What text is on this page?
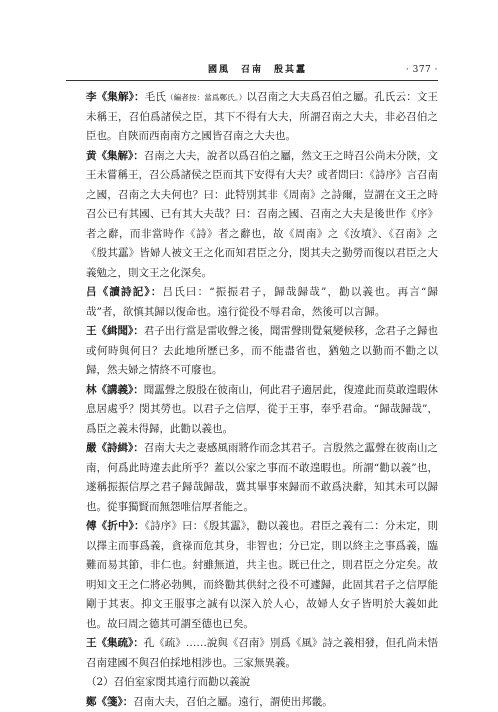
國風　召南　殷其靁	· 377 ·

李《集解》：毛氏（編者按：當爲鄭氏。）以召南之大夫爲召伯之屬。孔氏云：文王未稱王，召伯爲諸侯之臣，其下不得有大夫，所謂召南之大夫，非必召伯之臣也。自陝而西南南方之國皆召南之大夫也。

黄《集解》：召南之大夫，說者以爲召伯之屬，然文王之時召公尚未分陝，文王未嘗稱王，召公爲諸侯之臣而其下安得有大夫？或者問曰：《詩序》言召南之國，召南之大夫何也？曰：此特別其非《周南》之詩爾，豈謂在文王之時召公已有其國、已有其大夫哉？曰：召南之國、召南之大夫是後世作《序》者之辭，而非當時作《詩》者之辭也，故《周南》之《汝墳》、《召南》之《殷其靁》皆婦人被文王之化而知君臣之分，閔其夫之勤勞而復以君臣之大義勉之，則文王之化深矣。

吕《讀詩記》：吕氏曰：“振振君子，歸哉歸哉”，勸以義也。再言“歸哉”者，欲慎其歸以復命也。遠行從役不辱君命，然後可以言歸。

王《緝聞》：君子出行當是雷收聲之後，聞雷聲則覺氣變候移，念君子之歸也或何時與何日？去此地所歷已多，而不能盡省也，猶勉之以勤而不勸之以歸，然夫婦之情終不可廢也。

林《講義》：聞靁聲之殷殷在彼南山，何此君子適居此，復違此而莫敢遑暇休息居處乎？閔其勞也。以君子之信厚，從于王事，奉乎君命。“歸哉歸哉”，爲臣之義未得歸，此勸以義也。

嚴《詩緝》：召南大夫之妻感風雨將作而念其君子。言殷然之靁聲在彼南山之南，何爲此時違去此所乎？蓋以公家之事而不敢遑暇也。所謂“勸以義”也，遂稱振振信厚之君子歸哉歸哉，冀其畢事來歸而不敢爲決辭，知其未可以歸也。從事獨賢而無怨唯信厚者能之。

傅《折中》：《詩序》曰：《殷其靁》，勸以義也。君臣之義有二：分未定，則以擇主而事爲義，貪祿而危其身，非智也；分已定，則以終主之事爲義，臨難而易其節，非仁也。紂雖無道，共主也。既已仕之，則君臣之分定矣。故明知文王之仁將必勃興，而終勸其供紂之役不可遽歸，此固其君子之信厚能剛于其衷。抑文王服事之誠有以深入於人心，故婦人女子皆明於大義如此也。故曰周之德其可謂至德也已矣。

王《集疏》：孔《疏》……說與《召南》別爲《風》詩之義相發，但孔尚未悟召南建國不與召伯採地相涉也。三家無異義。

（2）召伯室家閔其遠行而勸以義說

鄭《箋》：召南大夫，召伯之屬。遠行，謂使出邦畿。
